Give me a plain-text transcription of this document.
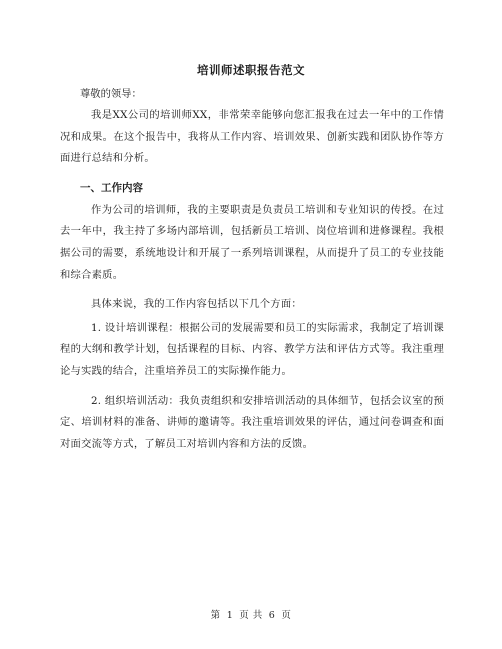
培训师述职报告范文

尊敬的领导：

我是XX公司的培训师XX，非常荣幸能够向您汇报我在过去一年中的工作情况和成果。在这个报告中，我将从工作内容、培训效果、创新实践和团队协作等方面进行总结和分析。

一、工作内容

作为公司的培训师，我的主要职责是负责员工培训和专业知识的传授。在过去一年中，我主持了多场内部培训，包括新员工培训、岗位培训和进修课程。我根据公司的需要，系统地设计和开展了一系列培训课程，从而提升了员工的专业技能和综合素质。

具体来说，我的工作内容包括以下几个方面：

1. 设计培训课程：根据公司的发展需要和员工的实际需求，我制定了培训课程的大纲和教学计划，包括课程的目标、内容、教学方法和评估方式等。我注重理论与实践的结合，注重培养员工的实际操作能力。

2. 组织培训活动：我负责组织和安排培训活动的具体细节，包括会议室的预定、培训材料的准备、讲师的邀请等。我注重培训效果的评估，通过问卷调查和面对面交流等方式，了解员工对培训内容和方法的反馈。

第 1 页 共 6 页
